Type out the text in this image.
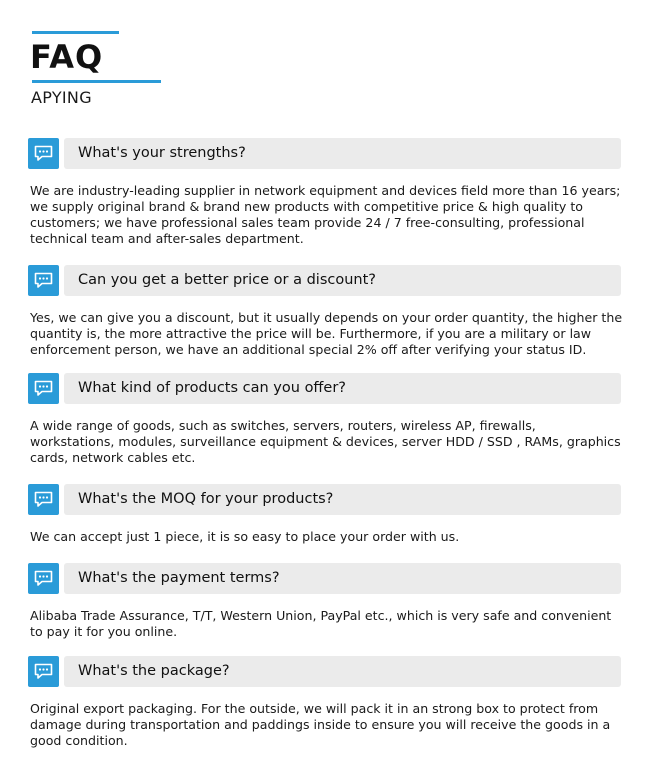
FAQ
APYING
What's your strengths?

We are industry-leading supplier in network equipment and devices field more than 16 years; we supply original brand & brand new products with competitive price & high quality to customers; we have professional sales team provide 24 / 7 free-consulting, professional technical team and after-sales department.

Can you get a better price or a discount?

Yes, we can give you a discount, but it usually depends on your order quantity, the higher the quantity is, the more attractive the price will be. Furthermore, if you are a military or law enforcement person, we have an additional special 2% off after verifying your status ID.

What kind of products can you offer?

A wide range of goods, such as switches, servers, routers, wireless AP, firewalls, workstations, modules, surveillance equipment & devices, server HDD / SSD , RAMs, graphics cards, network cables etc.

What's the MOQ for your products?

We can accept just 1 piece, it is so easy to place your order with us.

What's the payment terms?

Alibaba Trade Assurance, T/T, Western Union, PayPal etc., which is very safe and convenient to pay it for you online.

What's the package?

Original export packaging. For the outside, we will pack it in an strong box to protect from damage during transportation and paddings inside to ensure you will receive the goods in a good condition.
